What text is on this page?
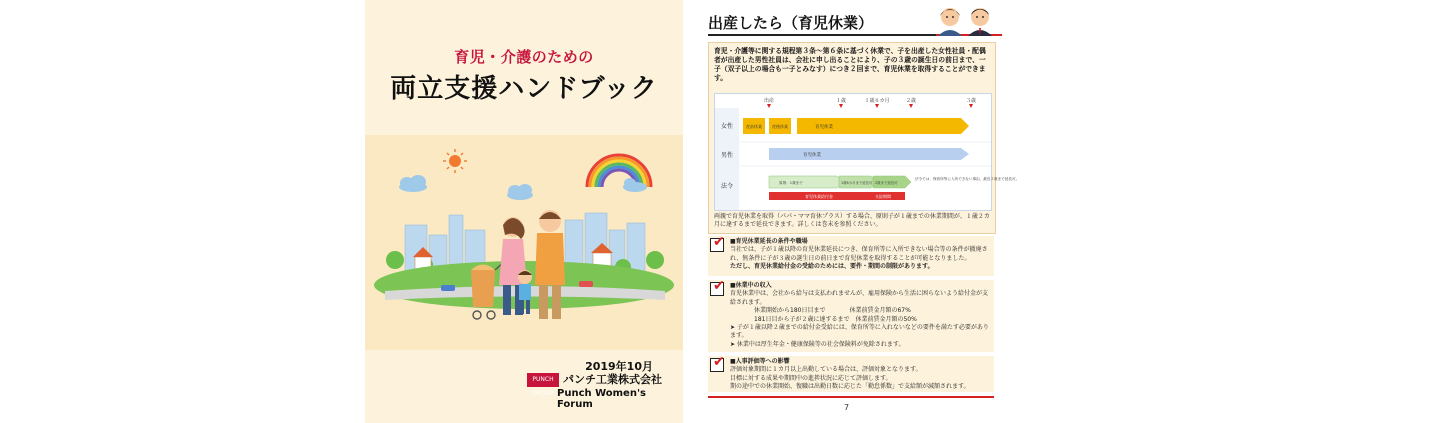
育児・介護のための
両立支援ハンドブック
2019年10月
PUNCH GROUP
パンチ工業株式会社
Punch Women's Forum
出産したら（育児休業）
育児・介護等に関する規程第３条～第６条に基づく休業で、子を出産した女性社員・配偶者が出産した男性社員は、会社に申し出ることにより、子の３歳の誕生日の前日まで、一子（双子以上の場合も一子とみなす）につき２回まで、育児休業を取得することができます。
出産	１歳	１歳６カ月	２歳	３歳
女性
男性
法令
産前休業	産後休業	育児休業
育児休業
原則：1歳まで	1歳6カ月まで延長可 2歳まで延長可
育児休業給付金	支給期間
法令では、保育所等に入所できない事由、最長２歳まで延長可。
両親で育児休業を取得（パパ・ママ育休プラス）する場合、原則子が１歳までの休業期間が、１歳２カ月に達するまで延長できます。詳しくは巻末を参照ください。
✔ ■育児休業延長の条件や職場
当社では、子が１歳以降の育児休業延長につき、保育所等に入所できない場合等の条件が撤廃され、無条件に子が３歳の誕生日の前日まで育児休業を取得することが可能となりました。
ただし、育児休業給付金の受給のためには、要件・期間の制限があります。
✔ ■休業中の収入
育児休業中は、会社から給与は支払われませんが、雇用保険から生活に困らないよう給付金が支給されます。
休業開始から180日目まで　　　　休業前賃金月額の67%
181日目から子が２歳に達するまで　休業前賃金月額の50%
➤ 子が１歳以降２歳までの給付金受給には、保育所等に入れないなどの要件を満たす必要があります。
➤ 休業中は厚生年金・健康保険等の社会保険料が免除されます。
✔ ■人事評価等への影響
評価対象期間に１カ月以上出勤している場合は、評価対象となります。
目標に対する成果や期間中の進捗状況に応じて評価します。
期の途中での休業開始、復職は出勤日数に応じた「勤怠係数」で支給額が減額されます。
7
